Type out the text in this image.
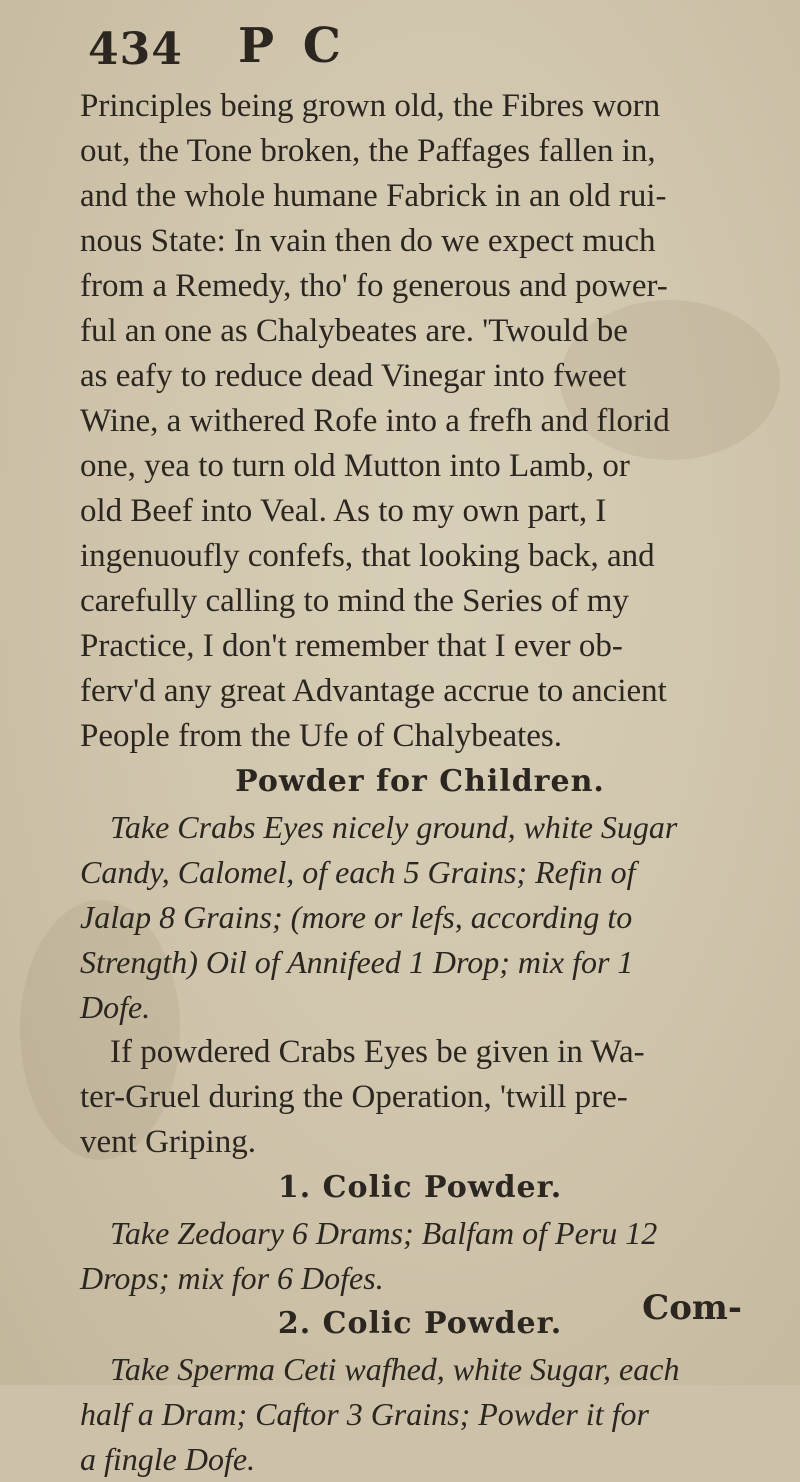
434 P C
Principles being grown old, the Fibres worn
out, the Tone broken, the Paffages fallen in,
and the whole humane Fabrick in an old rui-
nous State: In vain then do we expect much
from a Remedy, tho' fo generous and power-
ful an one as Chalybeates are. 'Twould be
as eafy to reduce dead Vinegar into fweet
Wine, a withered Rofe into a frefh and florid
one, yea to turn old Mutton into Lamb, or
old Beef into Veal. As to my own part, I
ingenuoufly confefs, that looking back, and
carefully calling to mind the Series of my
Practice, I don't remember that I ever ob-
ferv'd any great Advantage accrue to ancient
People from the Ufe of Chalybeates.
Powder for Children.
Take Crabs Eyes nicely ground, white Sugar
Candy, Calomel, of each 5 Grains; Refin of
Jalap 8 Grains; (more or lefs, according to
Strength) Oil of Annifeed 1 Drop; mix for 1
Dofe.
If powdered Crabs Eyes be given in Wa-
ter-Gruel during the Operation, 'twill pre-
vent Griping.
1. Colic Powder.
Take Zedoary 6 Drams; Balfam of Peru 12
Drops; mix for 6 Dofes.
2. Colic Powder.
Take Sperma Ceti wafhed, white Sugar, each
half a Dram; Caftor 3 Grains; Powder it for
a fingle Dofe.
Com-
